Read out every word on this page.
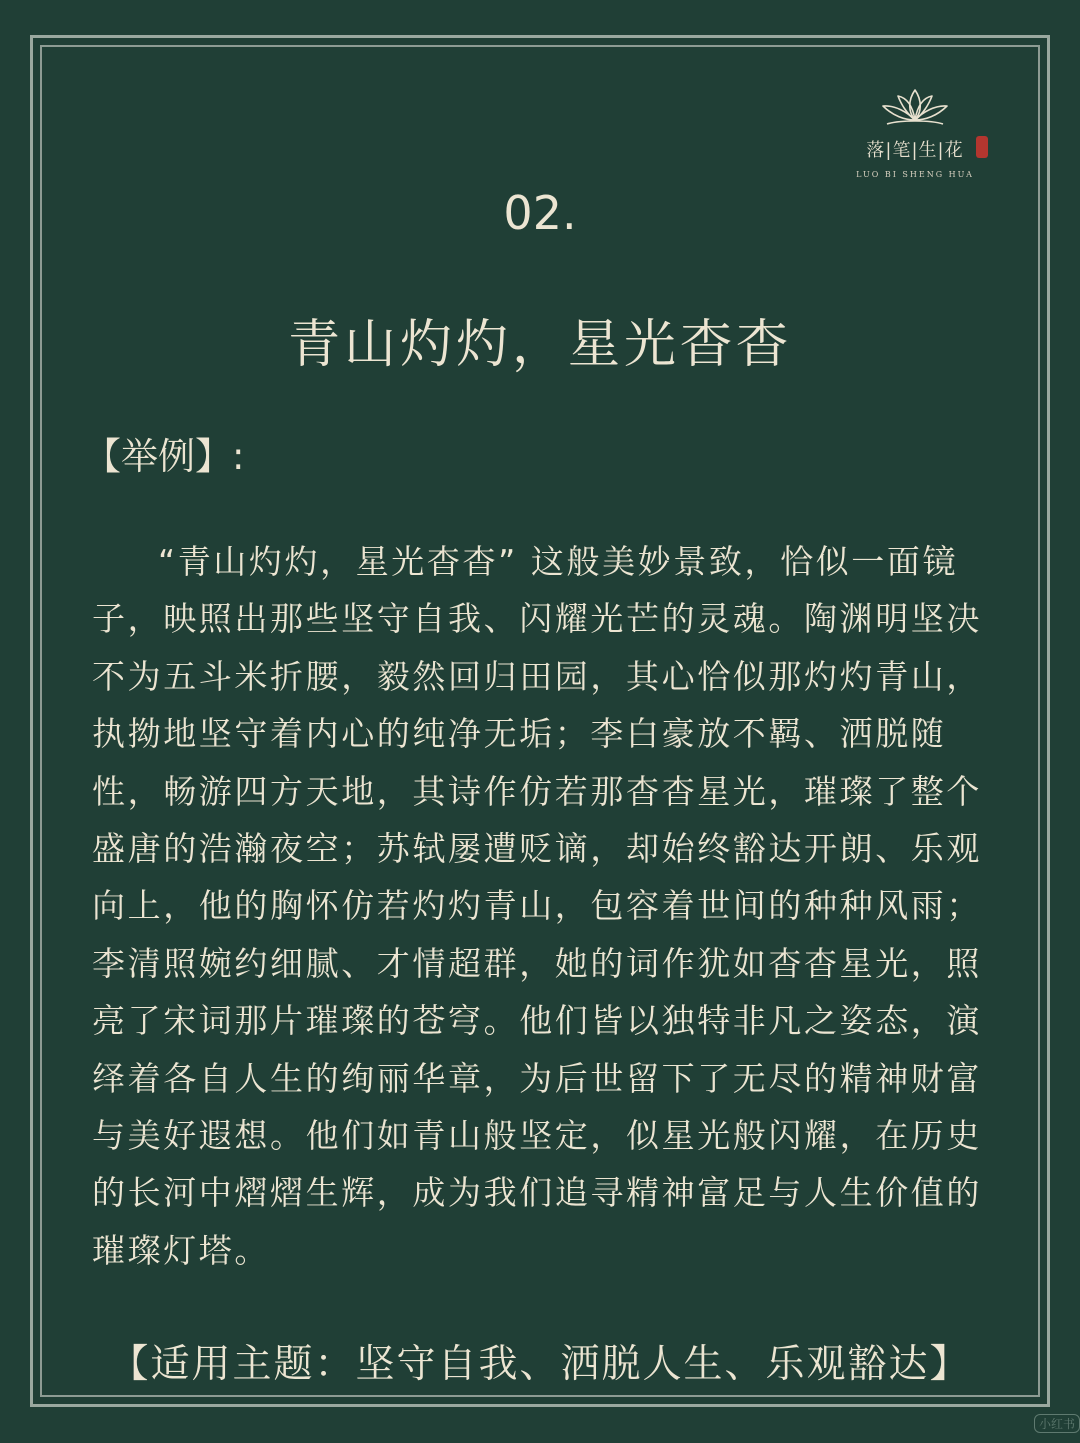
落|笔|生|花
LUO BI SHENG HUA
02.
青山灼灼，星光杳杳
【举例】:

“青山灼灼，星光杳杳” 这般美妙景致，恰似一面镜子，映照出那些坚守自我、闪耀光芒的灵魂。陶渊明坚决不为五斗米折腰，毅然回归田园，其心恰似那灼灼青山，执拗地坚守着内心的纯净无垢；李白豪放不羁、洒脱随性，畅游四方天地，其诗作仿若那杳杳星光，璀璨了整个盛唐的浩瀚夜空；苏轼屡遭贬谪，却始终豁达开朗、乐观向上，他的胸怀仿若灼灼青山，包容着世间的种种风雨；李清照婉约细腻、才情超群，她的词作犹如杳杳星光，照亮了宋词那片璀璨的苍穹。他们皆以独特非凡之姿态，演绎着各自人生的绚丽华章，为后世留下了无尽的精神财富与美好遐想。他们如青山般坚定，似星光般闪耀，在历史的长河中熠熠生辉，成为我们追寻精神富足与人生价值的璀璨灯塔。

【适用主题：坚守自我、洒脱人生、乐观豁达】
小红书
